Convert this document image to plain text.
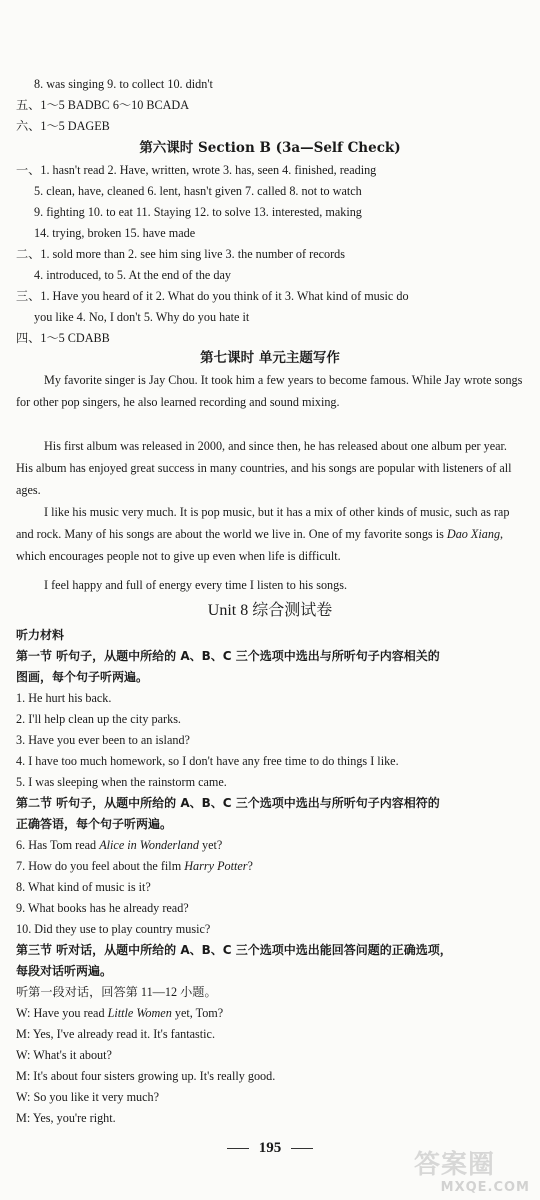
8. was singing 9. to collect 10. didn't
五、1～5 BADBC 6～10 BCADA
六、1～5 DAGEB
第六课时 Section B (3a—Self Check)
一、1. hasn't read 2. Have, written, wrote 3. has, seen 4. finished, reading
5. clean, have, cleaned 6. lent, hasn't given 7. called 8. not to watch
9. fighting 10. to eat 11. Staying 12. to solve 13. interested, making
14. trying, broken 15. have made
二、1. sold more than 2. see him sing live 3. the number of records
4. introduced, to 5. At the end of the day
三、1. Have you heard of it 2. What do you think of it 3. What kind of music do
you like 4. No, I don't 5. Why do you hate it
四、1～5 CDABB
第七课时 单元主题写作
My favorite singer is Jay Chou. It took him a few years to become famous. While Jay wrote songs for other pop singers, he also learned recording and sound mixing.
His first album was released in 2000, and since then, he has released about one album per year. His album has enjoyed great success in many countries, and his songs are popular with listeners of all ages.
I like his music very much. It is pop music, but it has a mix of other kinds of music, such as rap and rock. Many of his songs are about the world we live in. One of my favorite songs is Dao Xiang, which encourages people not to give up even when life is difficult.
I feel happy and full of energy every time I listen to his songs.
Unit 8 综合测试卷
听力材料
第一节 听句子，从题中所给的 A、B、C 三个选项中选出与所听句子内容相关的
图画，每个句子听两遍。
1. He hurt his back.
2. I'll help clean up the city parks.
3. Have you ever been to an island?
4. I have too much homework, so I don't have any free time to do things I like.
5. I was sleeping when the rainstorm came.
第二节 听句子，从题中所给的 A、B、C 三个选项中选出与所听句子内容相符的
正确答语，每个句子听两遍。
6. Has Tom read Alice in Wonderland yet?
7. How do you feel about the film Harry Potter?
8. What kind of music is it?
9. What books has he already read?
10. Did they use to play country music?
第三节 听对话，从题中所给的 A、B、C 三个选项中选出能回答问题的正确选项，
每段对话听两遍。
听第一段对话，回答第 11—12 小题。
W: Have you read Little Women yet, Tom?
M: Yes, I've already read it. It's fantastic.
W: What's it about?
M: It's about four sisters growing up. It's really good.
W: So you like it very much?
M: Yes, you're right.
195
答案圈
MXQE.COM
